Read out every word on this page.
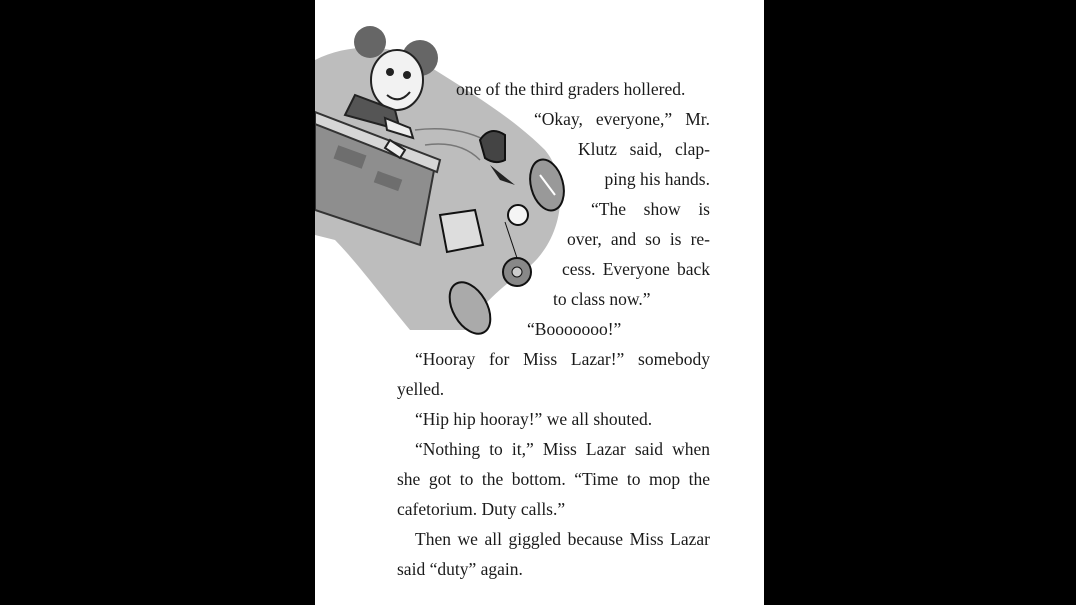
one of the third graders hollered.
“Okay, everyone,” Mr.
Klutz said, clap-
ping his hands.
“The show is
over, and so is re-
cess. Everyone back
to class now.”
“Booooooo!”
“Hooray for Miss Lazar!” somebody
yelled.
“Hip hip hooray!” we all shouted.
“Nothing to it,” Miss Lazar said when
she got to the bottom. “Time to mop the
cafetorium. Duty calls.”
Then we all giggled because Miss Lazar
said “duty” again.
